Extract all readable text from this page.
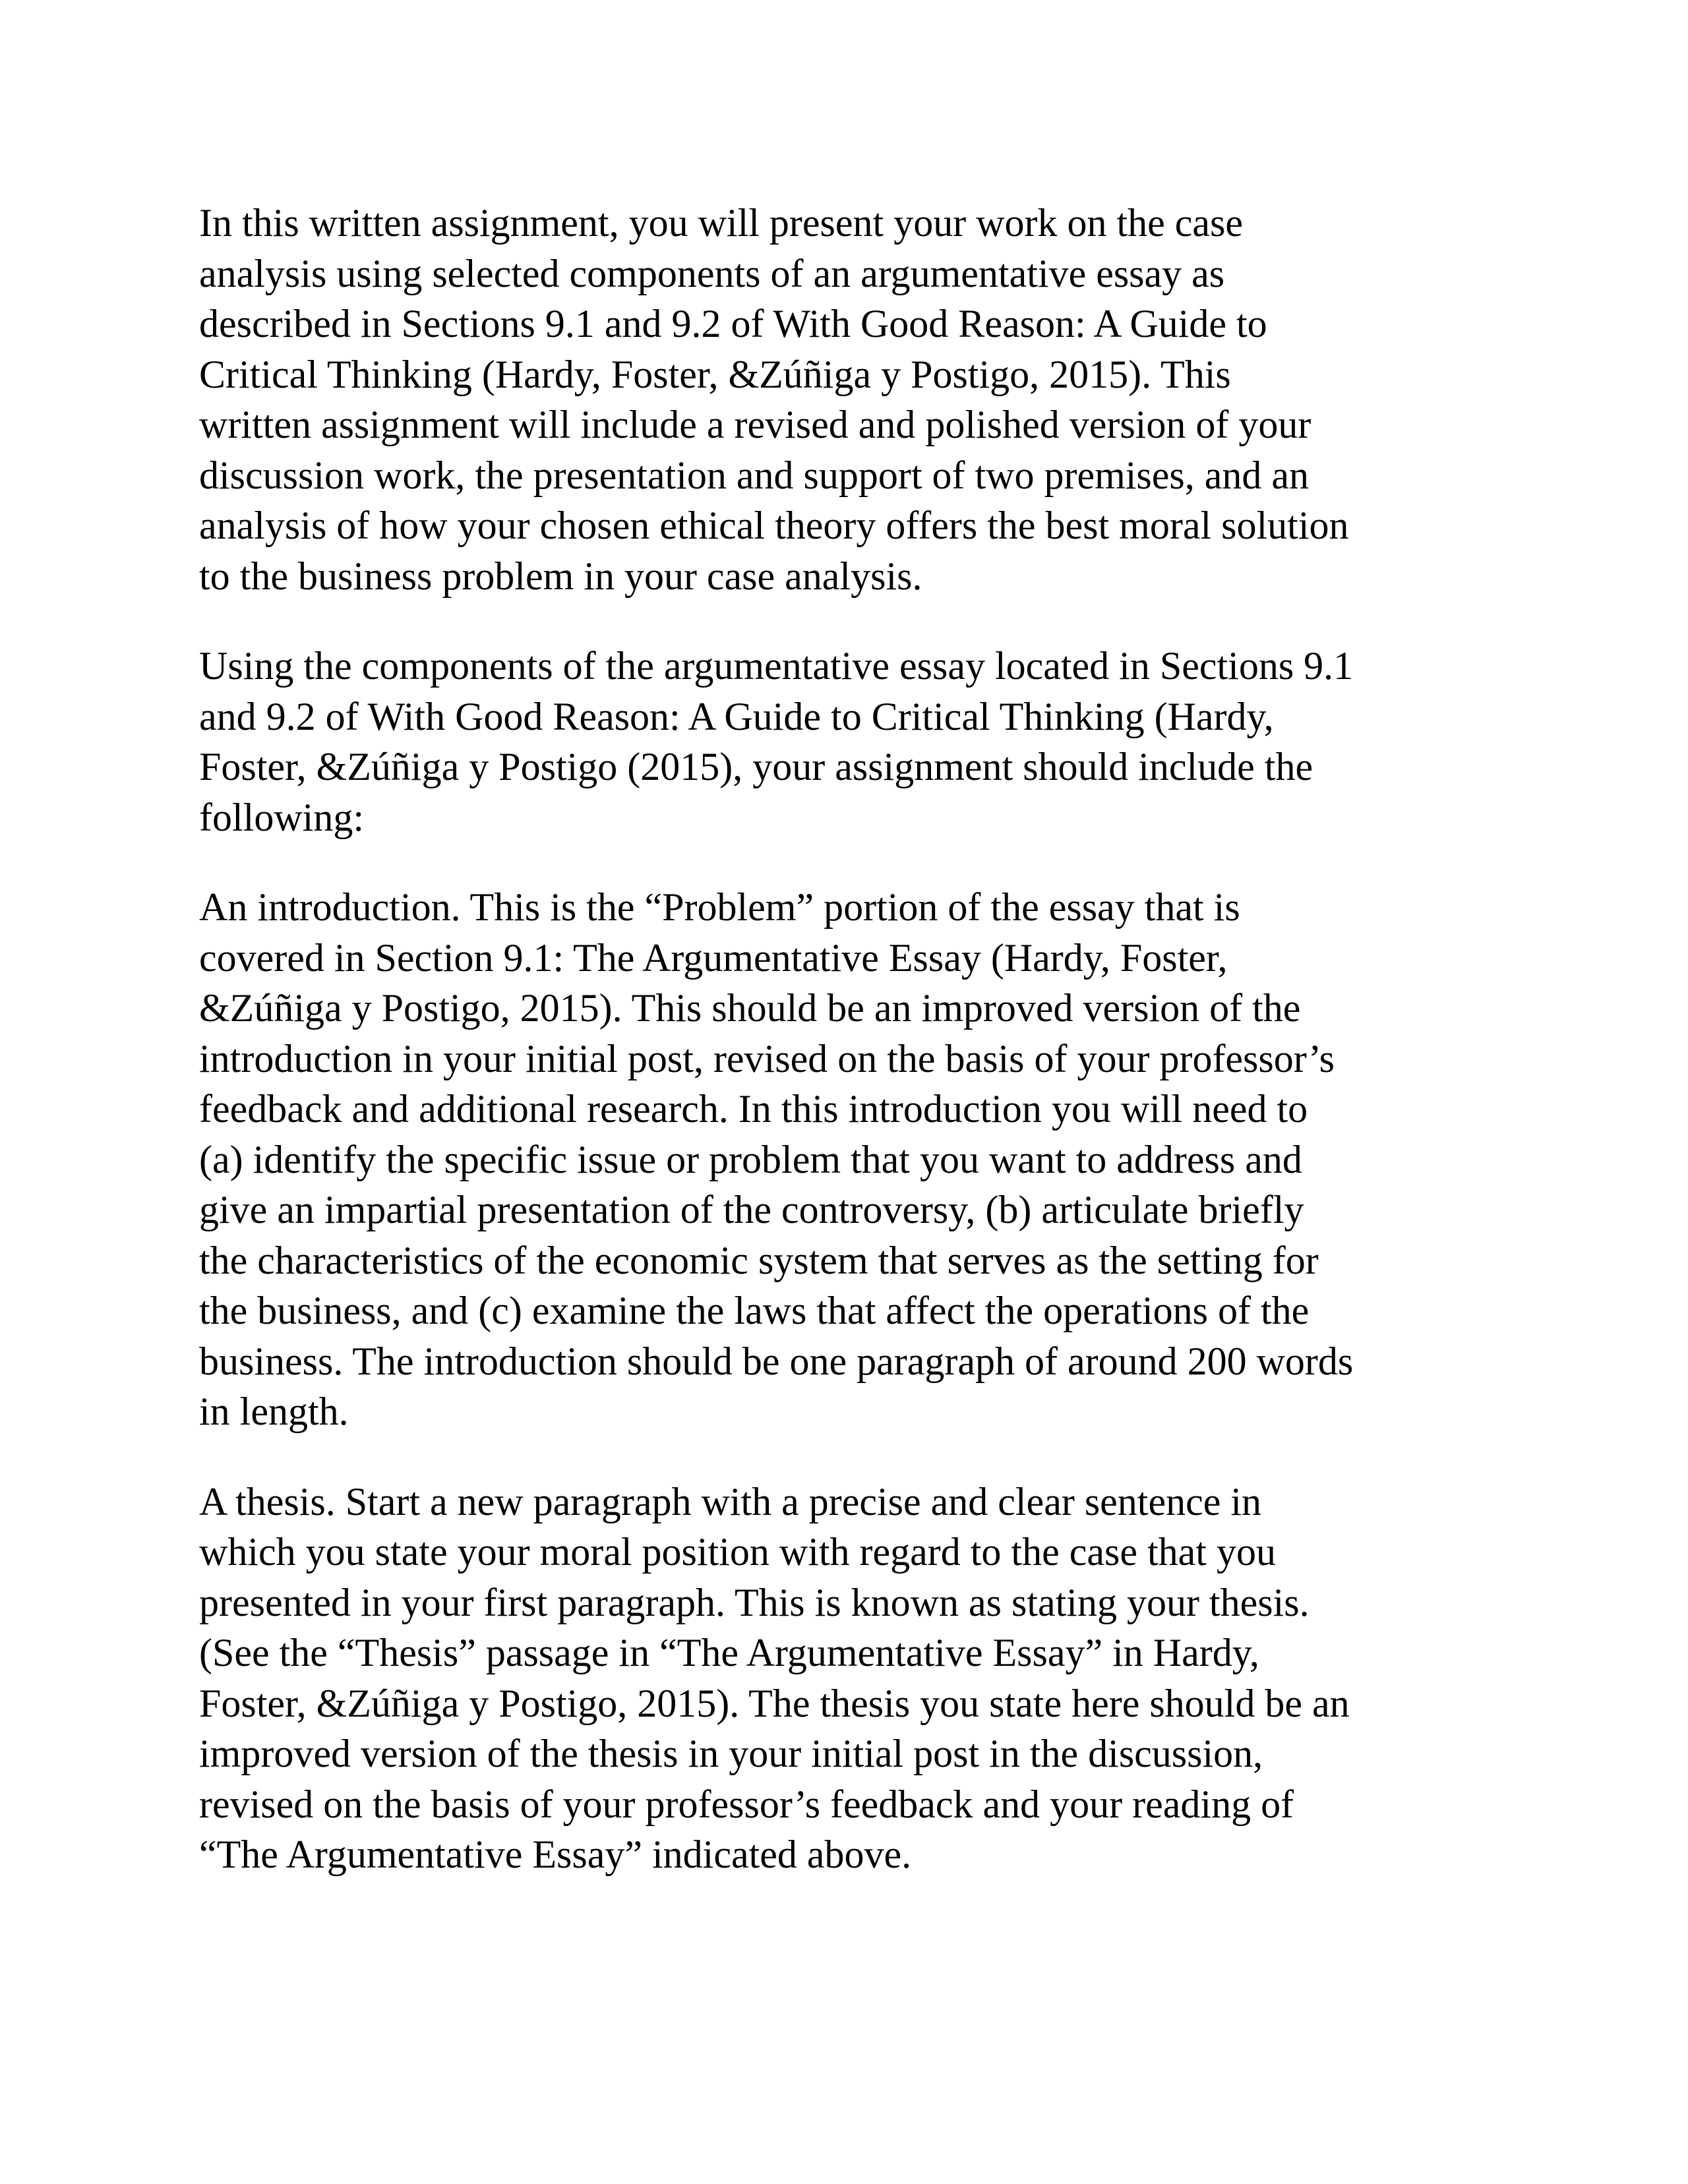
In this written assignment, you will present your work on the case
analysis using selected components of an argumentative essay as
described in Sections 9.1 and 9.2 of With Good Reason: A Guide to
Critical Thinking (Hardy, Foster, &Zúñiga y Postigo, 2015). This
written assignment will include a revised and polished version of your
discussion work, the presentation and support of two premises, and an
analysis of how your chosen ethical theory offers the best moral solution
to the business problem in your case analysis.
Using the components of the argumentative essay located in Sections 9.1
and 9.2 of With Good Reason: A Guide to Critical Thinking (Hardy,
Foster, &Zúñiga y Postigo (2015), your assignment should include the
following:
An introduction. This is the “Problem” portion of the essay that is
covered in Section 9.1: The Argumentative Essay (Hardy, Foster,
&Zúñiga y Postigo, 2015). This should be an improved version of the
introduction in your initial post, revised on the basis of your professor’s
feedback and additional research. In this introduction you will need to
(a) identify the specific issue or problem that you want to address and
give an impartial presentation of the controversy, (b) articulate briefly
the characteristics of the economic system that serves as the setting for
the business, and (c) examine the laws that affect the operations of the
business. The introduction should be one paragraph of around 200 words
in length.
A thesis. Start a new paragraph with a precise and clear sentence in
which you state your moral position with regard to the case that you
presented in your first paragraph. This is known as stating your thesis.
(See the “Thesis” passage in “The Argumentative Essay” in Hardy,
Foster, &Zúñiga y Postigo, 2015). The thesis you state here should be an
improved version of the thesis in your initial post in the discussion,
revised on the basis of your professor’s feedback and your reading of
“The Argumentative Essay” indicated above.
